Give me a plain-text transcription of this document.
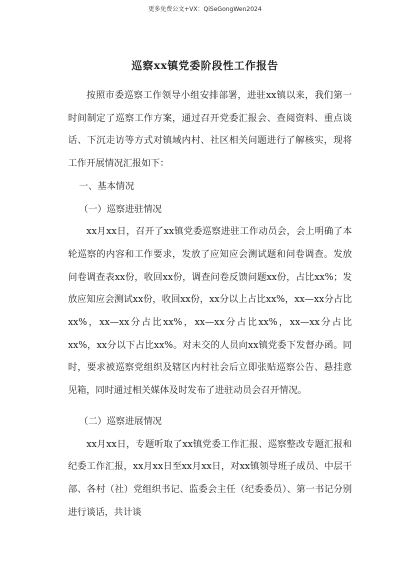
更多免费公文+VX：QiSeGongWen2024
巡察xx镇党委阶段性工作报告

按照市委巡察工作领导小组安排部署，进驻xx镇以来，我们第一时间制定了巡察工作方案，通过召开党委汇报会、查阅资料、重点谈话、下沉走访等方式对镇域内村、社区相关问题进行了解核实，现将工作开展情况汇报如下：

一、基本情况

（一）巡察进驻情况

xx月xx日，召开了xx镇党委巡察进驻工作动员会，会上明确了本轮巡察的内容和工作要求，发放了应知应会测试题和问卷调查。发放问卷调查表xx份，收回xx份，调查问卷反馈问题xx份，占比xx%；发放应知应会测试xx份，收回xx份，xx分以上占比xx%，xx—xx分占比xx%，xx—xx分占比xx%，xx—xx分占比xx%，xx—xx分占比xx%，xx分以下占比xx%。对未交的人员向xx镇党委下发督办函。同时，要求被巡察党组织及辖区内村社会后立即张贴巡察公告、悬挂意见箱，同时通过相关媒体及时发布了进驻动员会召开情况。

（二）巡察进展情况

xx月xx日，专题听取了xx镇党委工作汇报、巡察整改专题汇报和纪委工作汇报，xx月xx日至xx月xx日，对xx镇领导班子成员、中层干部、各村（社）党组织书记、监委会主任（纪委委员）、第一书记分别进行谈话，共计谈
